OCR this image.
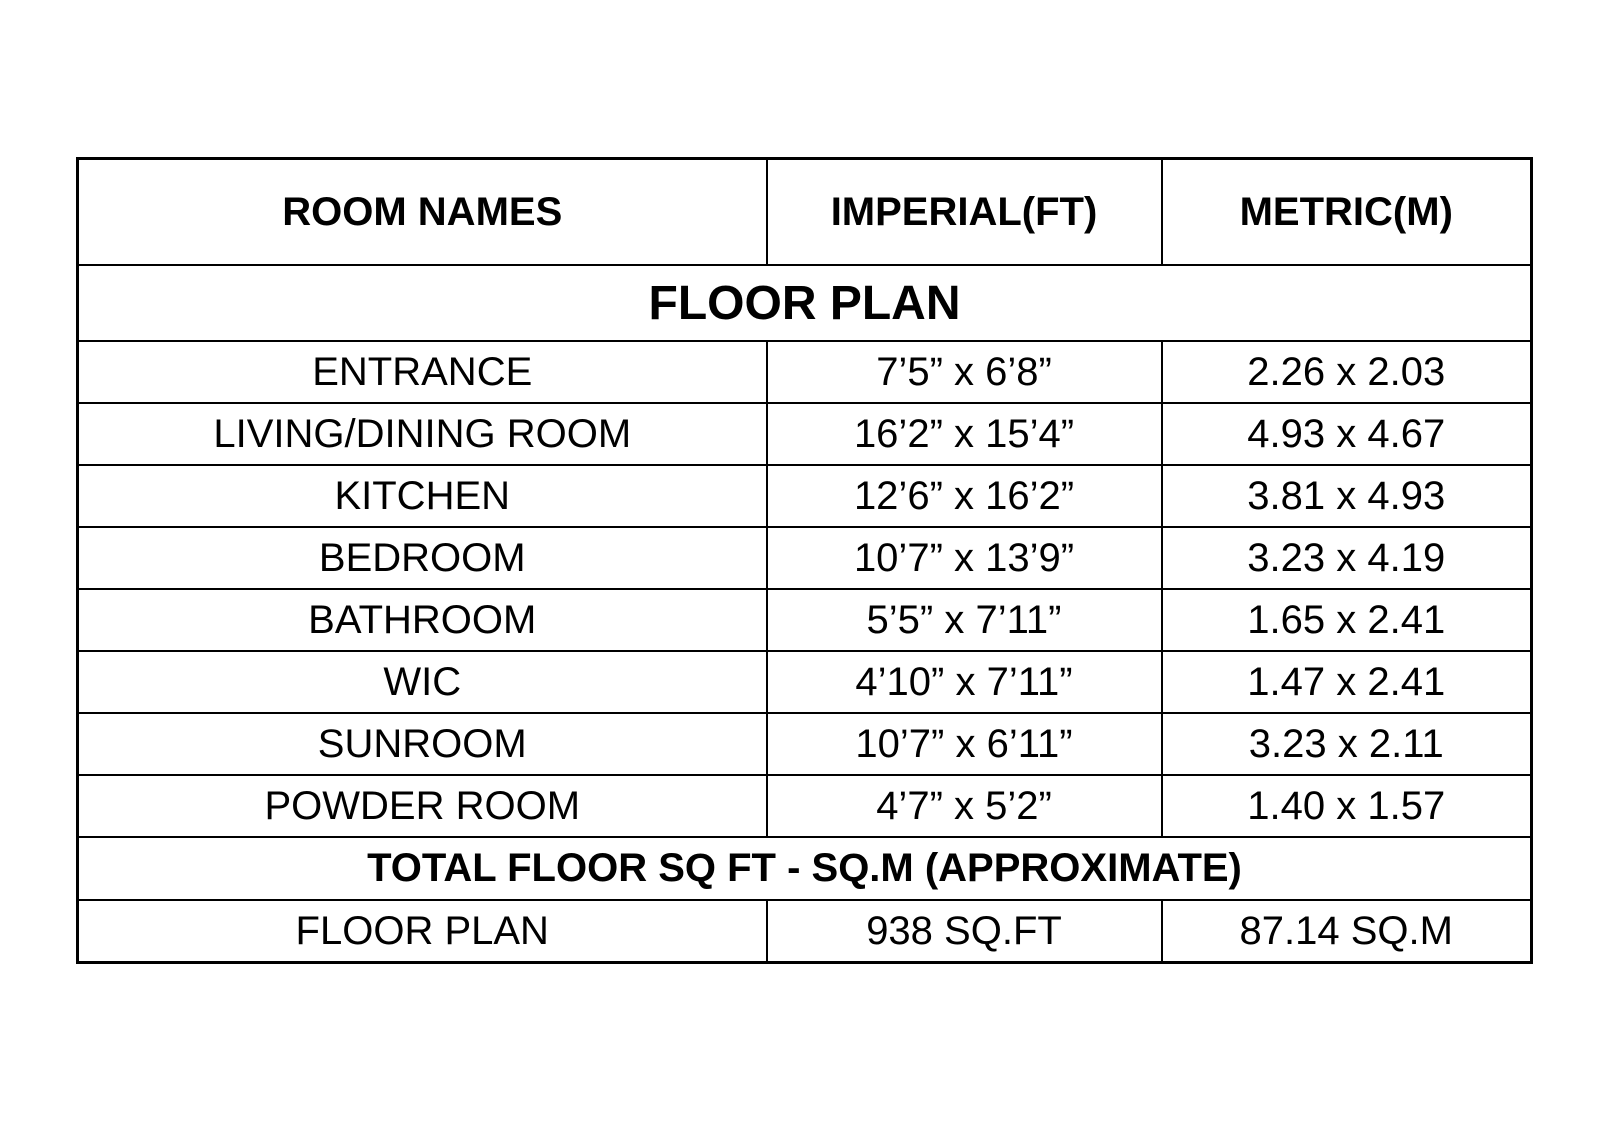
ROOM NAMES	IMPERIAL(FT)	METRIC(M)
FLOOR PLAN		
ENTRANCE	7’5” x 6’8”	2.26 x 2.03
LIVING/DINING ROOM	16’2” x 15’4”	4.93 x 4.67
KITCHEN	12’6” x 16’2”	3.81 x 4.93
BEDROOM	10’7” x 13’9”	3.23 x 4.19
BATHROOM	5’5” x 7’11”	1.65 x 2.41
WIC	4’10” x 7’11”	1.47 x 2.41
SUNROOM	10’7” x 6’11”	3.23 x 2.11
POWDER ROOM	4’7” x 5’2”	1.40 x 1.57
TOTAL FLOOR SQ FT - SQ.M (APPROXIMATE)		
FLOOR PLAN	938 SQ.FT	87.14 SQ.M
